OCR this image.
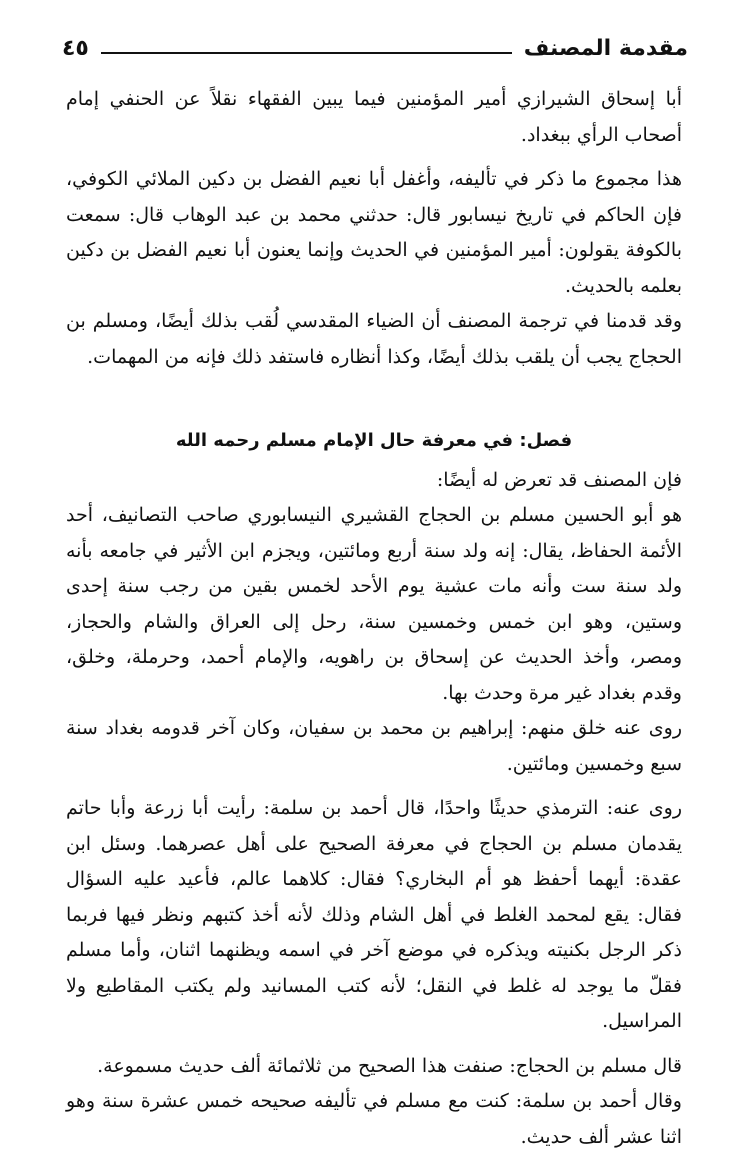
مقدمة المصنف
٤٥

أبا إسحاق الشيرازي أمير المؤمنين فيما يبين الفقهاء نقلاً عن الحنفي إمام أصحاب الرأي ببغداد.

هذا مجموع ما ذكر في تأليفه، وأغفل أبا نعيم الفضل بن دكين الملائي الكوفي، فإن الحاكم في تاريخ نيسابور قال: حدثني محمد بن عبد الوهاب قال: سمعت بالكوفة يقولون: أمير المؤمنين في الحديث وإنما يعنون أبا نعيم الفضل بن دكين بعلمه بالحديث.

وقد قدمنا في ترجمة المصنف أن الضياء المقدسي لُقب بذلك أيضًا، ومسلم بن الحجاج يجب أن يلقب بذلك أيضًا، وكذا أنظاره فاستفد ذلك فإنه من المهمات.

فصل: في معرفة حال الإمام مسلم رحمه الله

فإن المصنف قد تعرض له أيضًا:

هو أبو الحسين مسلم بن الحجاج القشيري النيسابوري صاحب التصانيف، أحد الأئمة الحفاظ، يقال: إنه ولد سنة أربع ومائتين، ويجزم ابن الأثير في جامعه بأنه ولد سنة ست وأنه مات عشية يوم الأحد لخمس بقين من رجب سنة إحدى وستين، وهو ابن خمس وخمسين سنة، رحل إلى العراق والشام والحجاز، ومصر، وأخذ الحديث عن إسحاق بن راهويه، والإمام أحمد، وحرملة، وخلق، وقدم بغداد غير مرة وحدث بها.

روى عنه خلق منهم: إبراهيم بن محمد بن سفيان، وكان آخر قدومه بغداد سنة سبع وخمسين ومائتين.

روى عنه: الترمذي حديثًا واحدًا، قال أحمد بن سلمة: رأيت أبا زرعة وأبا حاتم يقدمان مسلم بن الحجاج في معرفة الصحيح على أهل عصرهما. وسئل ابن عقدة: أيهما أحفظ هو أم البخاري؟ فقال: كلاهما عالم، فأعيد عليه السؤال فقال: يقع لمحمد الغلط في أهل الشام وذلك لأنه أخذ كتبهم ونظر فيها فربما ذكر الرجل بكنيته ويذكره في موضع آخر في اسمه ويظنهما اثنان، وأما مسلم فقلّ ما يوجد له غلط في النقل؛ لأنه كتب المسانيد ولم يكتب المقاطيع ولا المراسيل.

قال مسلم بن الحجاج: صنفت هذا الصحيح من ثلاثمائة ألف حديث مسموعة.

وقال أحمد بن سلمة: كنت مع مسلم في تأليفه صحيحه خمس عشرة سنة وهو اثنا عشر ألف حديث.
